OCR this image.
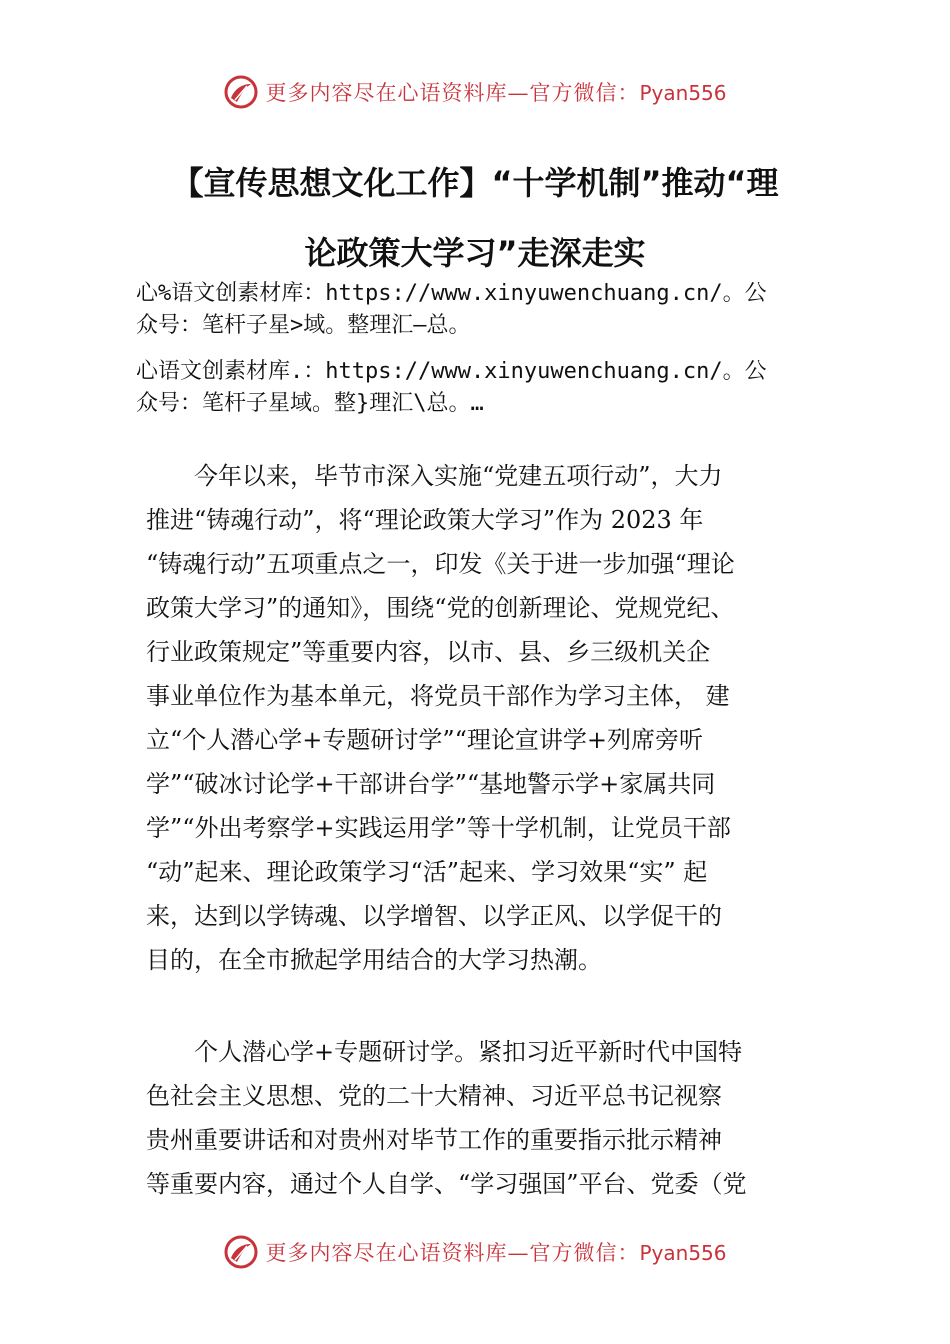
更多内容尽在心语资料库—官方微信：Pyan556
【宣传思想文化工作】“十学机制”推动“理
论政策大学习”走深走实
心%语文创素材库：https://www.xinyuwenchuang.cn/。公
众号：笔杆子星>域。整理汇—总。
心语文创素材库.：https://www.xinyuwenchuang.cn/。公
众号：笔杆子星域。整}理汇\总。…
　　今年以来，毕节市深入实施“党建五项行动”，大力
推进“铸魂行动”，将“理论政策大学习”作为 2023 年
“铸魂行动”五项重点之一，印发《关于进一步加强“理论
政策大学习”的通知》，围绕“党的创新理论、党规党纪、
行业政策规定”等重要内容，以市、县、乡三级机关企
事业单位作为基本单元，将党员干部作为学习主体， 建
立“个人潜心学+专题研讨学”“理论宣讲学+列席旁听
学”“破冰讨论学+干部讲台学”“基地警示学+家属共同
学”“外出考察学+实践运用学”等十学机制，让党员干部
“动”起来、理论政策学习“活”起来、学习效果“实” 起
来，达到以学铸魂、以学增智、以学正风、以学促干的
目的，在全市掀起学用结合的大学习热潮。
　　个人潜心学+专题研讨学。紧扣习近平新时代中国特
色社会主义思想、党的二十大精神、习近平总书记视察
贵州重要讲话和对贵州对毕节工作的重要指示批示精神
等重要内容，通过个人自学、“学习强国”平台、党委（党
更多内容尽在心语资料库—官方微信：Pyan556
